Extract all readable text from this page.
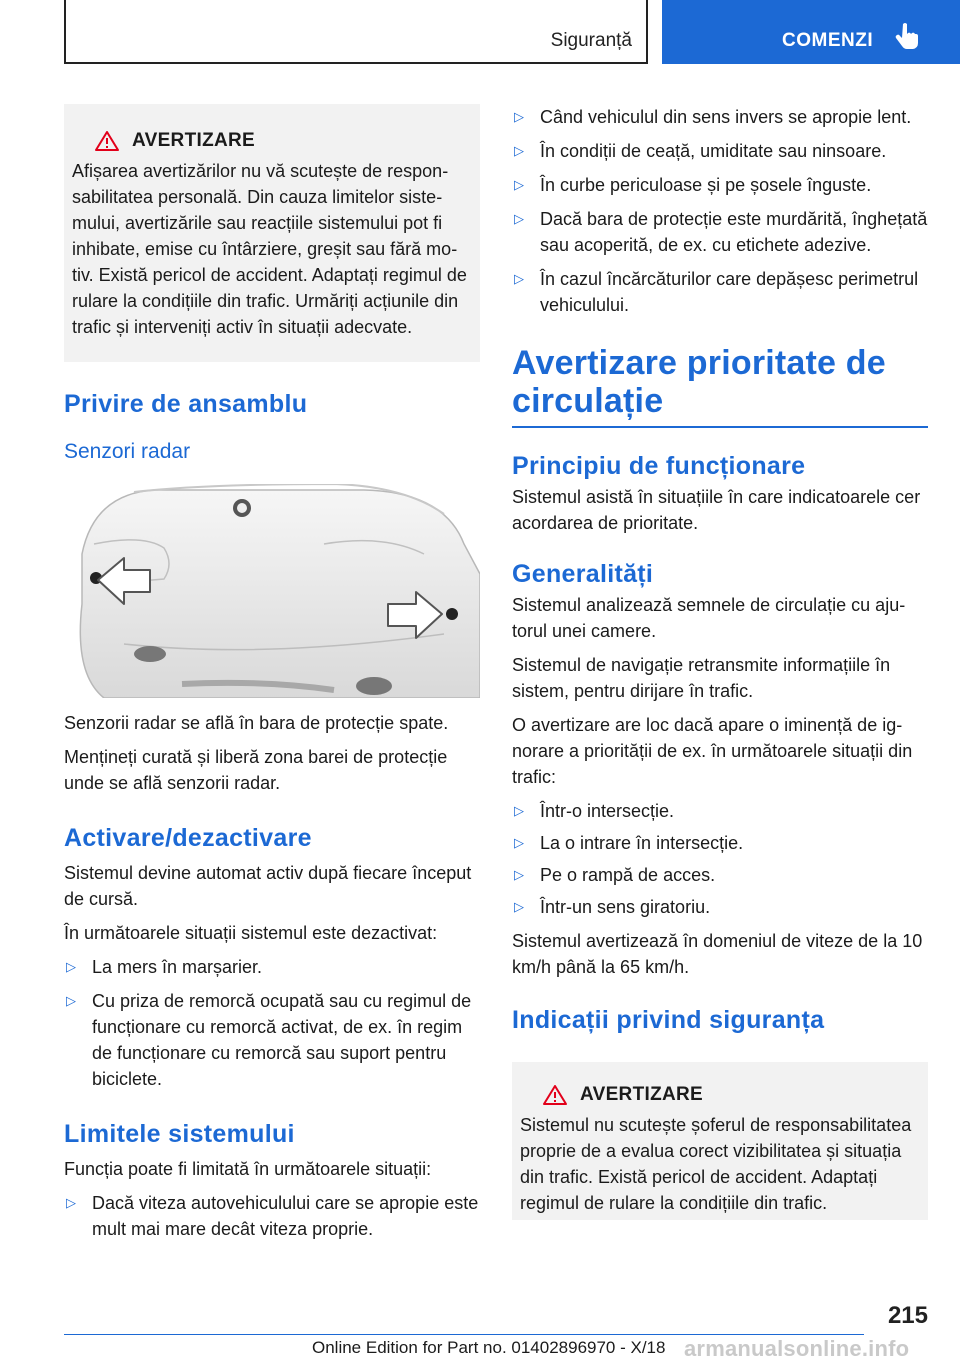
Siguranță	COMENZI
AVERTIZARE
Afișarea avertizărilor nu vă scutește de responsabilitatea personală. Din cauza limitelor sistemului, avertizările sau reacțiile sistemului pot fi inhibate, emise cu întârziere, greșit sau fără motiv. Există pericol de accident. Adaptați regimul de rulare la condițiile din trafic. Urmăriți acțiunile din trafic și interveniți activ în situații adecvate.
Privire de ansamblu
Senzori radar

Senzorii radar se află în bara de protecție spate.

Mențineți curată și liberă zona barei de protecție unde se află senzorii radar.

Activare/dezactivare

Sistemul devine automat activ după fiecare început de cursă.

În următoarele situații sistemul este dezactivat:

▷ La mers în marșarier.
▷ Cu priza de remorcă ocupată sau cu regimul de funcționare cu remorcă activat, de ex. în regim de funcționare cu remorcă sau suport pentru biciclete.
Limitele sistemului

Funcția poate fi limitată în următoarele situații:

▷ Dacă viteza autovehiculului care se apropie este mult mai mare decât viteza proprie.
▷ Când vehiculul din sens invers se apropie lent.
▷ În condiții de ceață, umiditate sau ninsoare.
▷ În curbe periculoase și pe șosele înguste.
▷ Dacă bara de protecție este murdărită, înghețată sau acoperită, de ex. cu etichete adezive.
▷ În cazul încărcăturilor care depășesc perimetrul vehiculului.
Avertizare prioritate de circulație
Principiu de funcționare

Sistemul asistă în situațiile în care indicatoarele cer acordarea de prioritate.

Generalități

Sistemul analizează semnele de circulație cu ajutorul unei camere.

Sistemul de navigație retransmite informațiile în sistem, pentru dirijare în trafic.

O avertizare are loc dacă apare o iminență de ignorare a priorității de ex. în următoarele situații din trafic:

▷ Într-o intersecție.
▷ La o intrare în intersecție.
▷ Pe o rampă de acces.
▷ Într-un sens giratoriu.

Sistemul avertizează în domeniul de viteze de la 10 km/h până la 65 km/h.

Indicații privind siguranța
AVERTIZARE
Sistemul nu scutește șoferul de responsabilitatea proprie de a evalua corect vizibilitatea și situația din trafic. Există pericol de accident. Adaptați regimul de rulare la condițiile din trafic.
215
Online Edition for Part no. 01402896970 - X/18 armanualsonline.info
